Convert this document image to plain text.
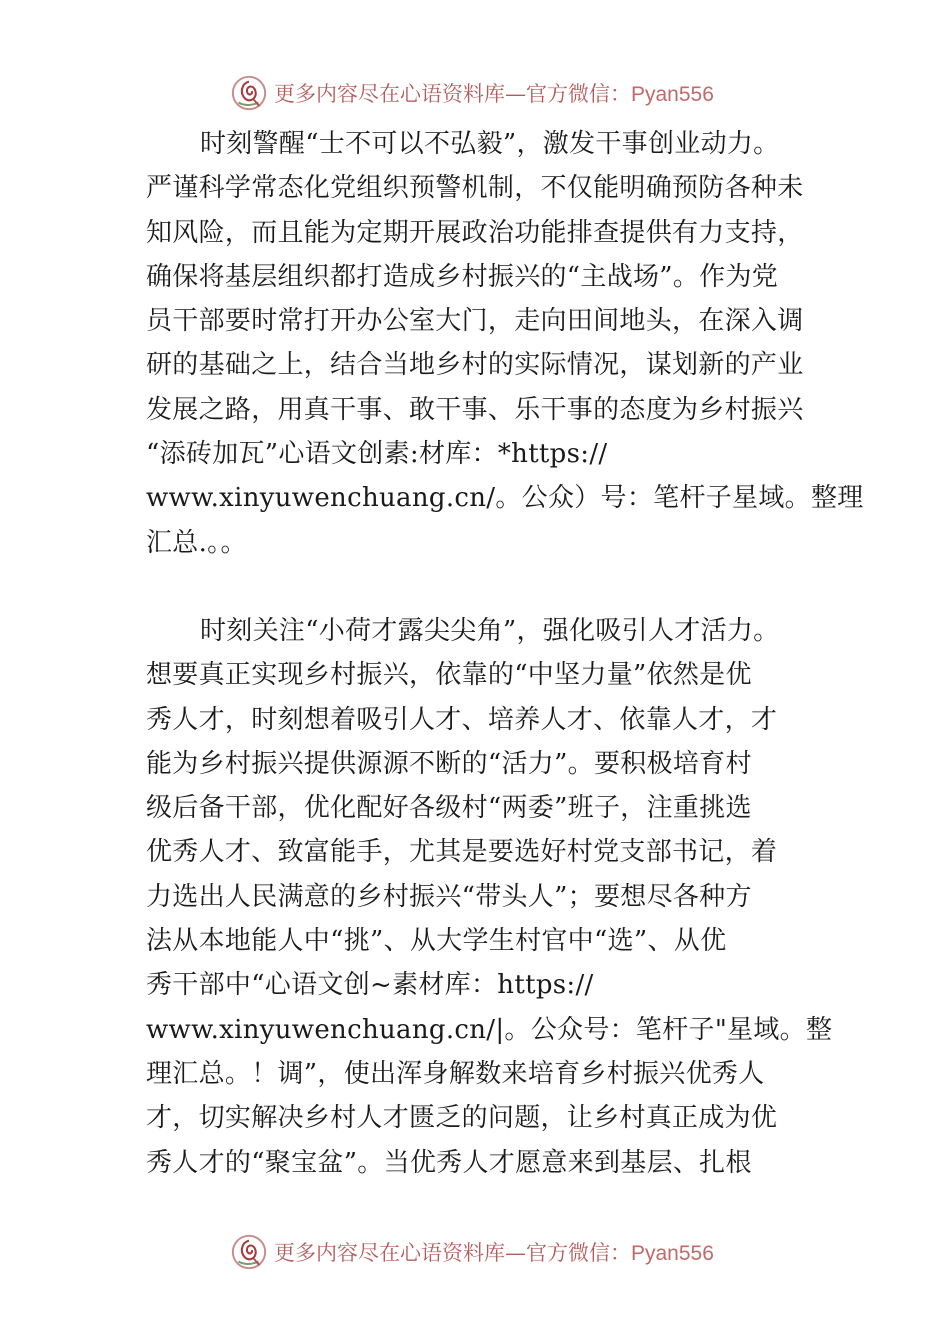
更多内容尽在心语资料库—官方微信：Pyan556
时刻警醒“士不可以不弘毅”，激发干事创业动力。
严谨科学常态化党组织预警机制，不仅能明确预防各种未
知风险，而且能为定期开展政治功能排查提供有力支持，
确保将基层组织都打造成乡村振兴的“主战场”。作为党
员干部要时常打开办公室大门，走向田间地头，在深入调
研的基础之上，结合当地乡村的实际情况，谋划新的产业
发展之路，用真干事、敢干事、乐干事的态度为乡村振兴
“添砖加瓦”心语文创素:材库：*https://
www.xinyuwenchuang.cn/。公众）号：笔杆子星域。整理
汇总.。。
时刻关注“小荷才露尖尖角”，强化吸引人才活力。
想要真正实现乡村振兴，依靠的“中坚力量”依然是优
秀人才，时刻想着吸引人才、培养人才、依靠人才，才
能为乡村振兴提供源源不断的“活力”。要积极培育村
级后备干部，优化配好各级村“两委”班子，注重挑选
优秀人才、致富能手，尤其是要选好村党支部书记，着
力选出人民满意的乡村振兴“带头人”；要想尽各种方
法从本地能人中“挑”、从大学生村官中“选”、从优
秀干部中“心语文创~素材库：https://
www.xinyuwenchuang.cn/|。公众号：笔杆子"星域。整
理汇总。！调”，使出浑身解数来培育乡村振兴优秀人
才，切实解决乡村人才匮乏的问题，让乡村真正成为优
秀人才的“聚宝盆”。当优秀人才愿意来到基层、扎根
更多内容尽在心语资料库—官方微信：Pyan556
